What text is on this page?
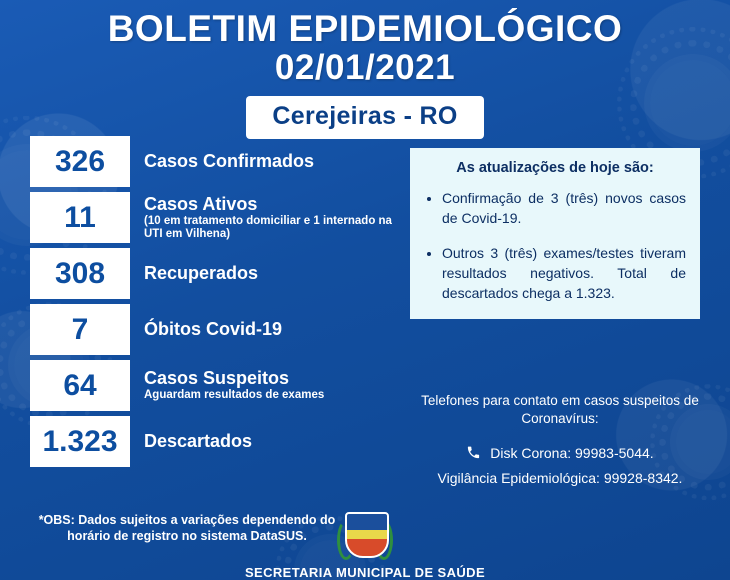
BOLETIM EPIDEMIOLÓGICO
02/01/2021
Cerejeiras - RO
326	Casos Confirmados
11	Casos Ativos
(10 em tratamento domiciliar e 1 internado na UTI em Vilhena)
308	Recuperados
7	Óbitos Covid-19
64	Casos Suspeitos
Aguardam resultados de exames
1.323	Descartados
*OBS: Dados sujeitos a variações dependendo do horário de registro no sistema DataSUS.
As atualizações de hoje são:
• Confirmação de 3 (três) novos casos de Covid-19.
• Outros 3 (três) exames/testes tiveram resultados negativos. Total de descartados chega a 1.323.
Telefones para contato em casos suspeitos de Coronavírus:
Disk Corona: 99983-5044.
Vigilância Epidemiológica: 99928-8342.
SECRETARIA MUNICIPAL DE SAÚDE
